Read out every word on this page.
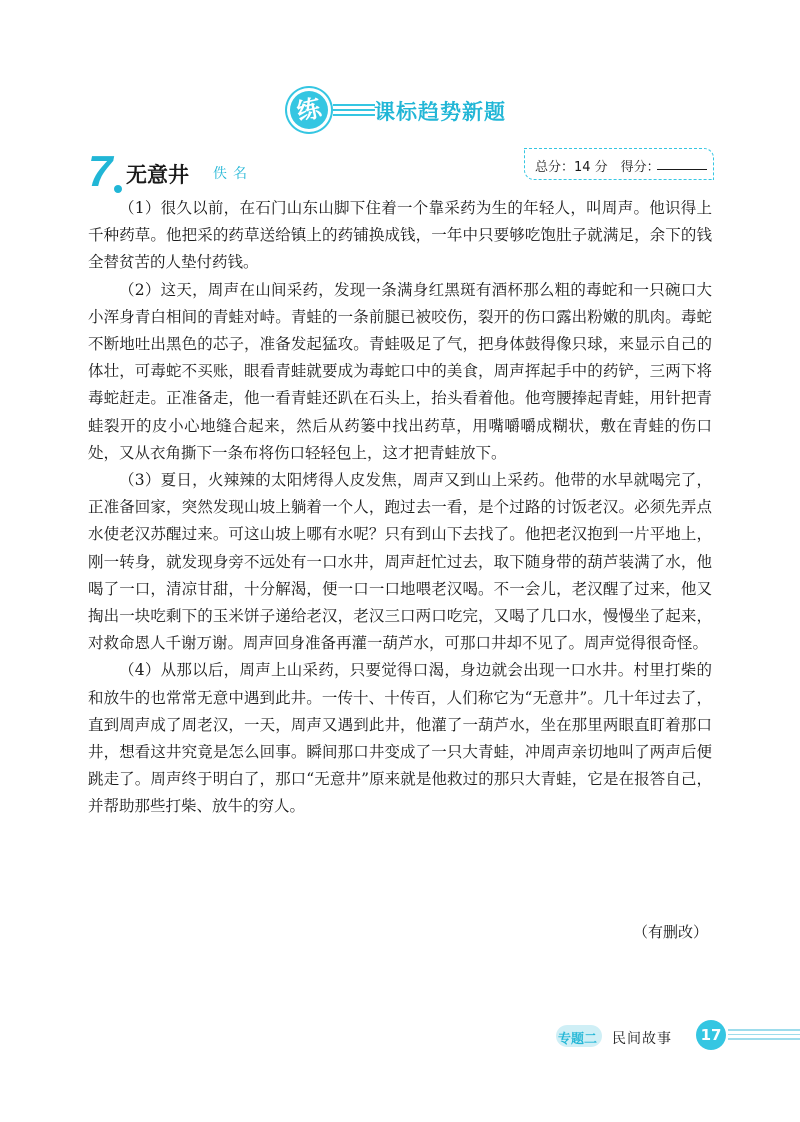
练	课标趋势新题
7 无意井 佚名	总分：14 分　得分：

（1）很久以前，在石门山东山脚下住着一个靠采药为生的年轻人，叫周声。他识得上千种药草。他把采的药草送给镇上的药铺换成钱，一年中只要够吃饱肚子就满足，余下的钱全替贫苦的人垫付药钱。

（2）这天，周声在山间采药，发现一条满身红黑斑有酒杯那么粗的毒蛇和一只碗口大小浑身青白相间的青蛙对峙。青蛙的一条前腿已被咬伤，裂开的伤口露出粉嫩的肌肉。毒蛇不断地吐出黑色的芯子，准备发起猛攻。青蛙吸足了气，把身体鼓得像只球，来显示自己的体壮，可毒蛇不买账，眼看青蛙就要成为毒蛇口中的美食，周声挥起手中的药铲，三两下将毒蛇赶走。正准备走，他一看青蛙还趴在石头上，抬头看着他。他弯腰捧起青蛙，用针把青蛙裂开的皮小心地缝合起来，然后从药篓中找出药草，用嘴嚼嚼成糊状，敷在青蛙的伤口处，又从衣角撕下一条布将伤口轻轻包上，这才把青蛙放下。

（3）夏日，火辣辣的太阳烤得人皮发焦，周声又到山上采药。他带的水早就喝完了，正准备回家，突然发现山坡上躺着一个人，跑过去一看，是个过路的讨饭老汉。必须先弄点水使老汉苏醒过来。可这山坡上哪有水呢？只有到山下去找了。他把老汉抱到一片平地上，刚一转身，就发现身旁不远处有一口水井，周声赶忙过去，取下随身带的葫芦装满了水，他喝了一口，清凉甘甜，十分解渴，便一口一口地喂老汉喝。不一会儿，老汉醒了过来，他又掏出一块吃剩下的玉米饼子递给老汉，老汉三口两口吃完，又喝了几口水，慢慢坐了起来，对救命恩人千谢万谢。周声回身准备再灌一葫芦水，可那口井却不见了。周声觉得很奇怪。

（4）从那以后，周声上山采药，只要觉得口渴，身边就会出现一口水井。村里打柴的和放牛的也常常无意中遇到此井。一传十、十传百，人们称它为“无意井”。几十年过去了，直到周声成了周老汉，一天，周声又遇到此井，他灌了一葫芦水，坐在那里两眼直盯着那口井，想看这井究竟是怎么回事。瞬间那口井变成了一只大青蛙，冲周声亲切地叫了两声后便跳走了。周声终于明白了，那口“无意井”原来就是他救过的那只大青蛙，它是在报答自己，并帮助那些打柴、放牛的穷人。

（有删改）
专题二 民间故事	17
